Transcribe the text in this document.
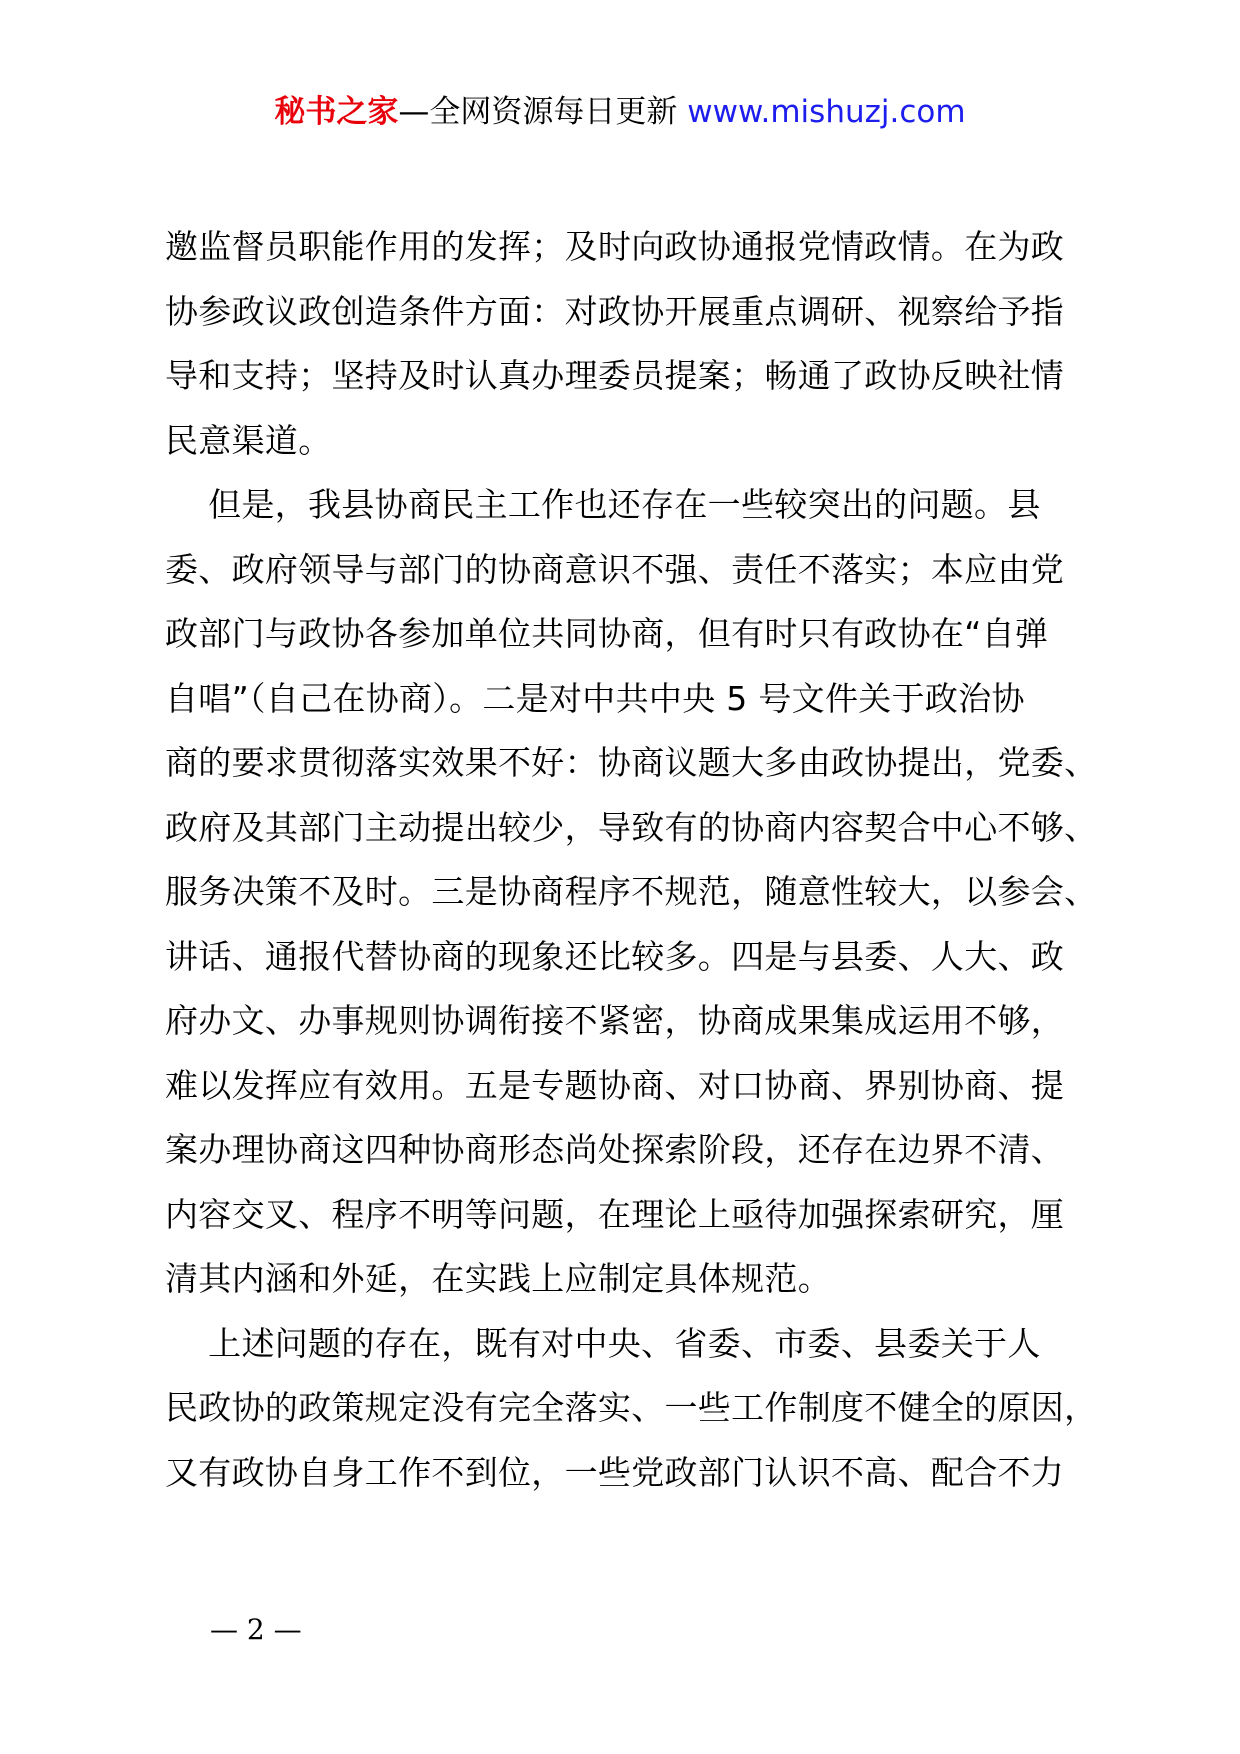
秘书之家—全网资源每日更新 www.mishuzj.com
邀监督员职能作用的发挥；及时向政协通报党情政情。在为政
协参政议政创造条件方面：对政协开展重点调研、视察给予指
导和支持；坚持及时认真办理委员提案；畅通了政协反映社情
民意渠道。
但是，我县协商民主工作也还存在一些较突出的问题。县
委、政府领导与部门的协商意识不强、责任不落实；本应由党
政部门与政协各参加单位共同协商，但有时只有政协在“自弹
自唱”（自己在协商）。二是对中共中央 5 号文件关于政治协
商的要求贯彻落实效果不好：协商议题大多由政协提出，党委、
政府及其部门主动提出较少，导致有的协商内容契合中心不够、
服务决策不及时。三是协商程序不规范，随意性较大，以参会、
讲话、通报代替协商的现象还比较多。四是与县委、人大、政
府办文、办事规则协调衔接不紧密，协商成果集成运用不够，
难以发挥应有效用。五是专题协商、对口协商、界别协商、提
案办理协商这四种协商形态尚处探索阶段，还存在边界不清、
内容交叉、程序不明等问题，在理论上亟待加强探索研究，厘
清其内涵和外延，在实践上应制定具体规范。
上述问题的存在，既有对中央、省委、市委、县委关于人
民政协的政策规定没有完全落实、一些工作制度不健全的原因，
又有政协自身工作不到位，一些党政部门认识不高、配合不力
— 2 —
